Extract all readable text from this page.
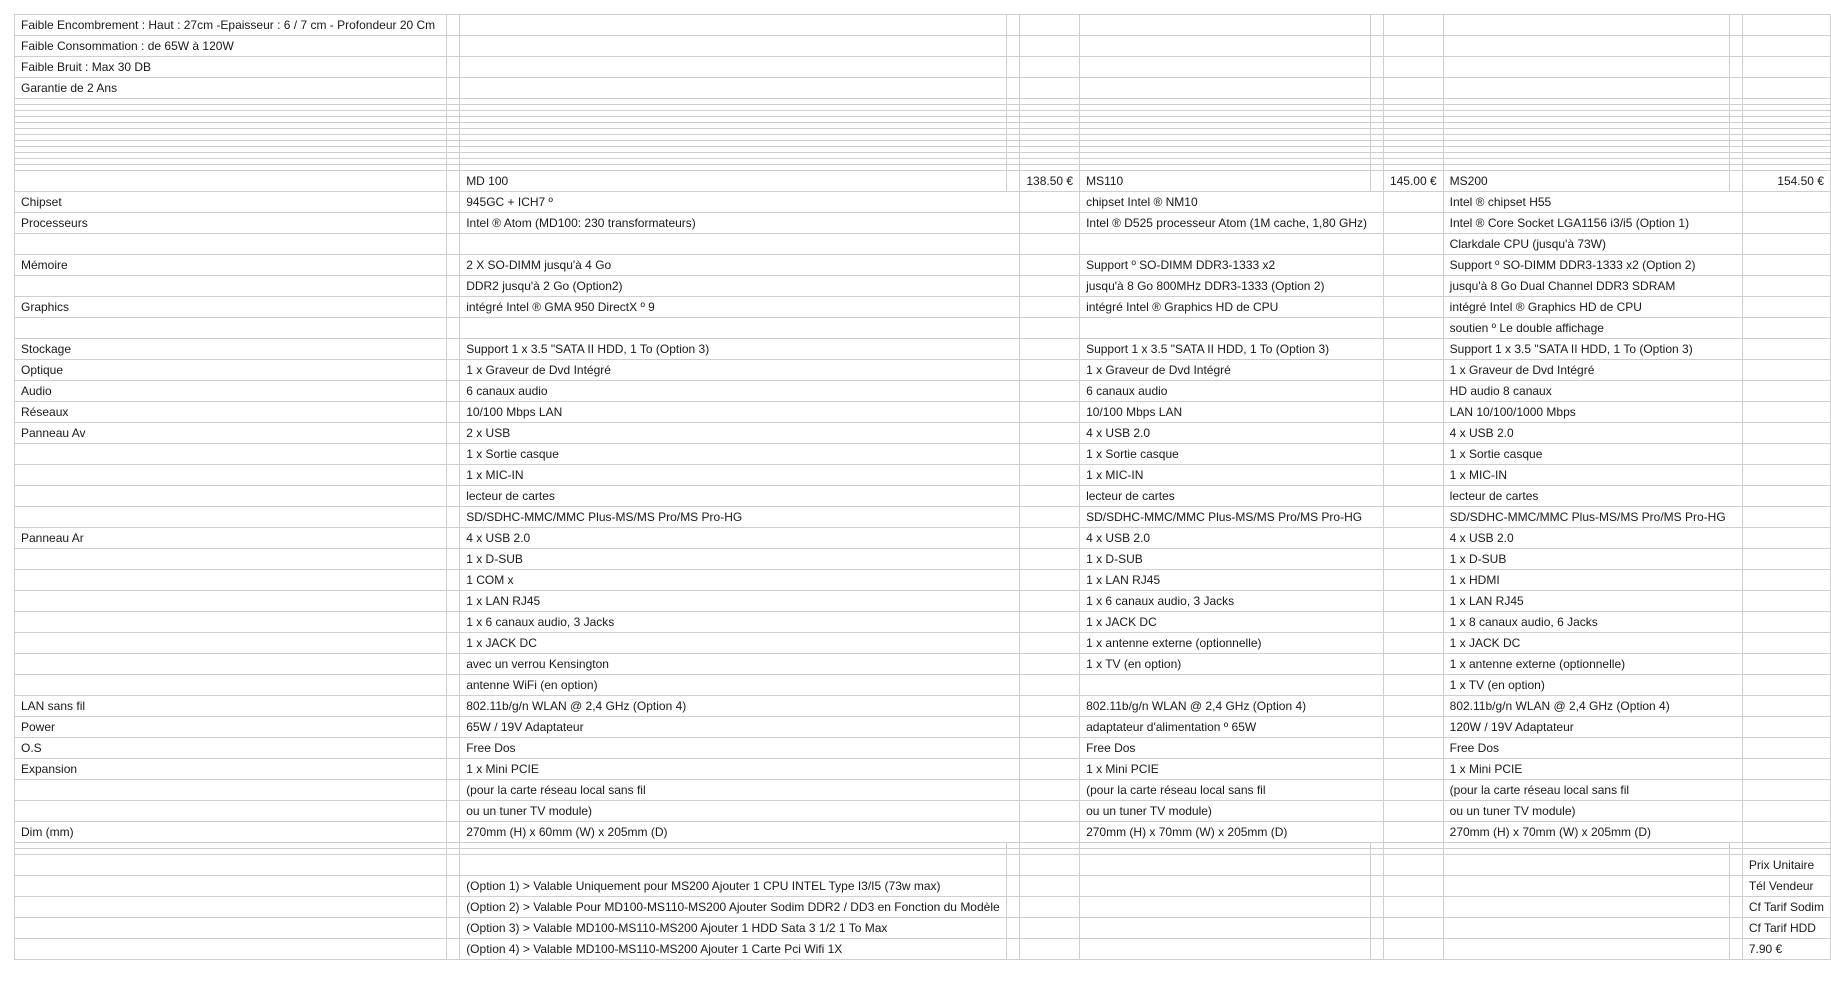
Faible Encombrement : Haut : 27cm -Epaisseur : 6 / 7 cm - Profondeur 20 Cm										
Faible Consommation : de 65W à 120W										
Faible Bruit : Max 30 DB										
Garantie de 2 Ans										

		MD 100		138.50 €	MS110		145.00 €	MS200		154.50 €
Chipset		945GC + ICH7 º			chipset Intel ® NM10			Intel ® chipset H55		
Processeurs		Intel ® Atom (MD100: 230 transformateurs)			Intel ® D525 processeur Atom (1M cache, 1,80 GHz)			Intel ® Core Socket LGA1156 i3/i5 (Option 1)		
								Clarkdale CPU (jusqu'à 73W)		
Mémoire		2 X SO-DIMM jusqu'à 4 Go			Support º SO-DIMM DDR3-1333 x2			Support º SO-DIMM DDR3-1333 x2 (Option 2)		
		DDR2 jusqu'à 2 Go (Option2)			jusqu'à 8 Go 800MHz DDR3-1333 (Option 2)			jusqu'à 8 Go Dual Channel DDR3 SDRAM		
Graphics		intégré Intel ® GMA 950 DirectX º 9			intégré Intel ® Graphics HD de CPU			intégré Intel ® Graphics HD de CPU		
								soutien º Le double affichage		
Stockage		Support 1 x 3.5 "SATA II HDD, 1 To (Option 3)			Support 1 x 3.5 "SATA II HDD, 1 To (Option 3)			Support 1 x 3.5 "SATA II HDD, 1 To (Option 3)		
Optique		1 x Graveur de Dvd Intégré			1 x Graveur de Dvd Intégré			1 x Graveur de Dvd Intégré		
Audio		6 canaux audio			6 canaux audio			HD audio 8 canaux		
Réseaux		10/100 Mbps LAN			10/100 Mbps LAN			LAN 10/100/1000 Mbps		
Panneau Av		2 x USB			4 x USB 2.0			4 x USB 2.0		
		1 x Sortie casque			1 x Sortie casque			1 x Sortie casque		
		1 x MIC-IN			1 x MIC-IN			1 x MIC-IN		
		lecteur de cartes			lecteur de cartes			lecteur de cartes		
		SD/SDHC-MMC/MMC Plus-MS/MS Pro/MS Pro-HG			SD/SDHC-MMC/MMC Plus-MS/MS Pro/MS Pro-HG			SD/SDHC-MMC/MMC Plus-MS/MS Pro/MS Pro-HG		
Panneau Ar		4 x USB 2.0			4 x USB 2.0			4 x USB 2.0		
		1 x D-SUB			1 x D-SUB			1 x D-SUB		
		1 COM x			1 x LAN RJ45			1 x HDMI		
		1 x LAN RJ45			1 x 6 canaux audio, 3 Jacks			1 x LAN RJ45		
		1 x 6 canaux audio, 3 Jacks			1 x JACK DC			1 x 8 canaux audio, 6 Jacks		
		1 x JACK DC			1 x antenne externe (optionnelle)			1 x JACK DC		
		avec un verrou Kensington			1 x TV (en option)			1 x antenne externe (optionnelle)		
		antenne WiFi (en option)						1 x TV (en option)		
LAN sans fil		802.11b/g/n WLAN @ 2,4 GHz (Option 4)			802.11b/g/n WLAN @ 2,4 GHz (Option 4)			802.11b/g/n WLAN @ 2,4 GHz (Option 4)		
Power		65W / 19V Adaptateur			adaptateur d'alimentation º 65W			120W / 19V Adaptateur		
O.S		Free Dos			Free Dos			Free Dos		
Expansion		1 x Mini PCIE			1 x Mini PCIE			1 x Mini PCIE		
		(pour la carte réseau local sans fil			(pour la carte réseau local sans fil			(pour la carte réseau local sans fil		
		ou un tuner TV module)			ou un tuner TV module)			ou un tuner TV module)		
Dim (mm)		270mm (H) x 60mm (W) x 205mm (D)			270mm (H) x 70mm (W) x 205mm (D)			270mm (H) x 70mm (W) x 205mm (D)		

										Prix Unitaire
		(Option 1) > Valable Uniquement pour MS200 Ajouter 1 CPU INTEL Type I3/I5 (73w max)								Tél Vendeur
		(Option 2) > Valable Pour MD100-MS110-MS200 Ajouter Sodim DDR2 / DD3 en Fonction du Modèle								Cf Tarif Sodim
		(Option 3) > Valable MD100-MS110-MS200 Ajouter 1 HDD Sata 3 1/2 1 To Max								Cf Tarif HDD
		(Option 4) > Valable MD100-MS110-MS200 Ajouter 1 Carte Pci Wifi 1X								7.90 €
